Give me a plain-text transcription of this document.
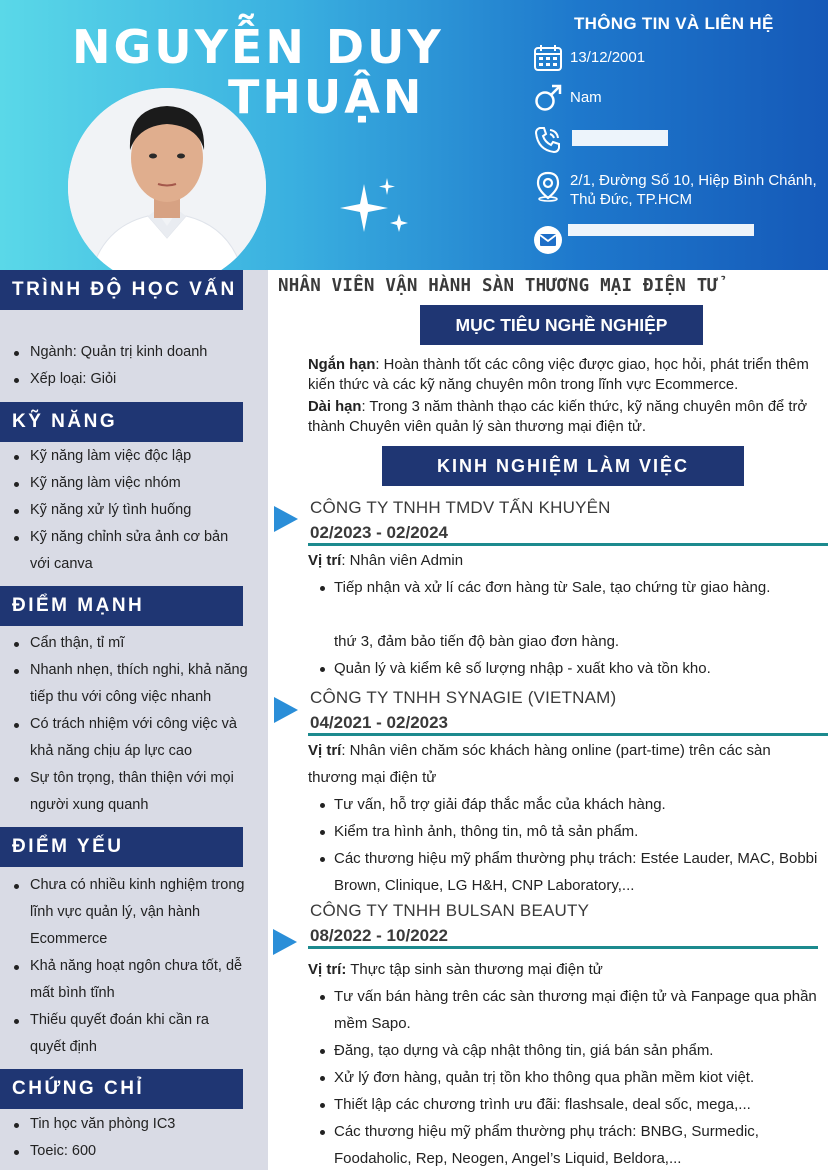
NGUYỄN DUY
THUẬN
THÔNG TIN VÀ LIÊN HỆ
13/12/2001
Nam
2/1, Đường Số 10, Hiệp Bình Chánh, Thủ Đức, TP.HCM
TRÌNH ĐỘ HỌC VẤN
Ngành: Quản trị kinh doanh
Xếp loại: Giỏi
KỸ NĂNG
Kỹ năng làm việc độc lập
Kỹ năng làm việc nhóm
Kỹ năng xử lý tình huống
Kỹ năng chỉnh sửa ảnh cơ bản với canva
ĐIỂM MẠNH
Cẩn thận, tỉ mĩ
Nhanh nhẹn, thích nghi, khả năng tiếp thu với công việc nhanh
Có trách nhiệm với công việc và khả năng chịu áp lực cao
Sự tôn trọng, thân thiện với mọi người xung quanh
ĐIỂM YẾU
Chưa có nhiều kinh nghiệm trong lĩnh vực quản lý, vận hành Ecommerce
Khả năng hoạt ngôn chưa tốt, dễ mất bình tĩnh
Thiếu quyết đoán khi cần ra quyết định
CHỨNG CHỈ
Tin học văn phòng IC3
Toeic: 600
NHÂN VIÊN VẬN HÀNH SÀN THƯƠNG MẠI ĐIỆN TỬ
MỤC TIÊU NGHỀ NGHIỆP
Ngắn hạn: Hoàn thành tốt các công việc được giao, học hỏi, phát triển thêm kiến thức và các kỹ năng chuyên môn trong lĩnh vực Ecommerce.
Dài hạn: Trong 3 năm thành thạo các kiến thức, kỹ năng chuyên môn để trở thành Chuyên viên quản lý sàn thương mại điện tử.
KINH NGHIỆM LÀM VIỆC
CÔNG TY TNHH TMDV TẤN KHUYÊN
02/2023 - 02/2024
Vị trí: Nhân viên Admin
Tiếp nhận và xử lí các đơn hàng từ Sale, tạo chứng từ giao hàng.
thứ 3, đảm bảo tiến độ bàn giao đơn hàng.
Quản lý và kiểm kê số lượng nhập - xuất kho và tồn kho.
CÔNG TY TNHH SYNAGIE (VIETNAM)
04/2021 - 02/2023
Vị trí: Nhân viên chăm sóc khách hàng online (part-time) trên các sàn thương mại điện tử
Tư vấn, hỗ trợ giải đáp thắc mắc của khách hàng.
Kiểm tra hình ảnh, thông tin, mô tả sản phẩm.
Các thương hiệu mỹ phẩm thường phụ trách: Estée Lauder, MAC, Bobbi Brown, Clinique, LG H&H, CNP Laboratory,...
CÔNG TY TNHH BULSAN BEAUTY
08/2022 - 10/2022
Vị trí: Thực tập sinh sàn thương mại điện tử
Tư vấn bán hàng trên các sàn thương mại điện tử và Fanpage qua phần mềm Sapo.
Đăng, tạo dựng và cập nhật thông tin, giá bán sản phẩm.
Xử lý đơn hàng, quản trị tồn kho thông qua phần mềm kiot việt.
Thiết lập các chương trình ưu đãi: flashsale, deal sốc, mega,...
Các thương hiệu mỹ phẩm thường phụ trách: BNBG, Surmedic, Foodaholic, Rep, Neogen, Angel’s Liquid, Beldora,...
